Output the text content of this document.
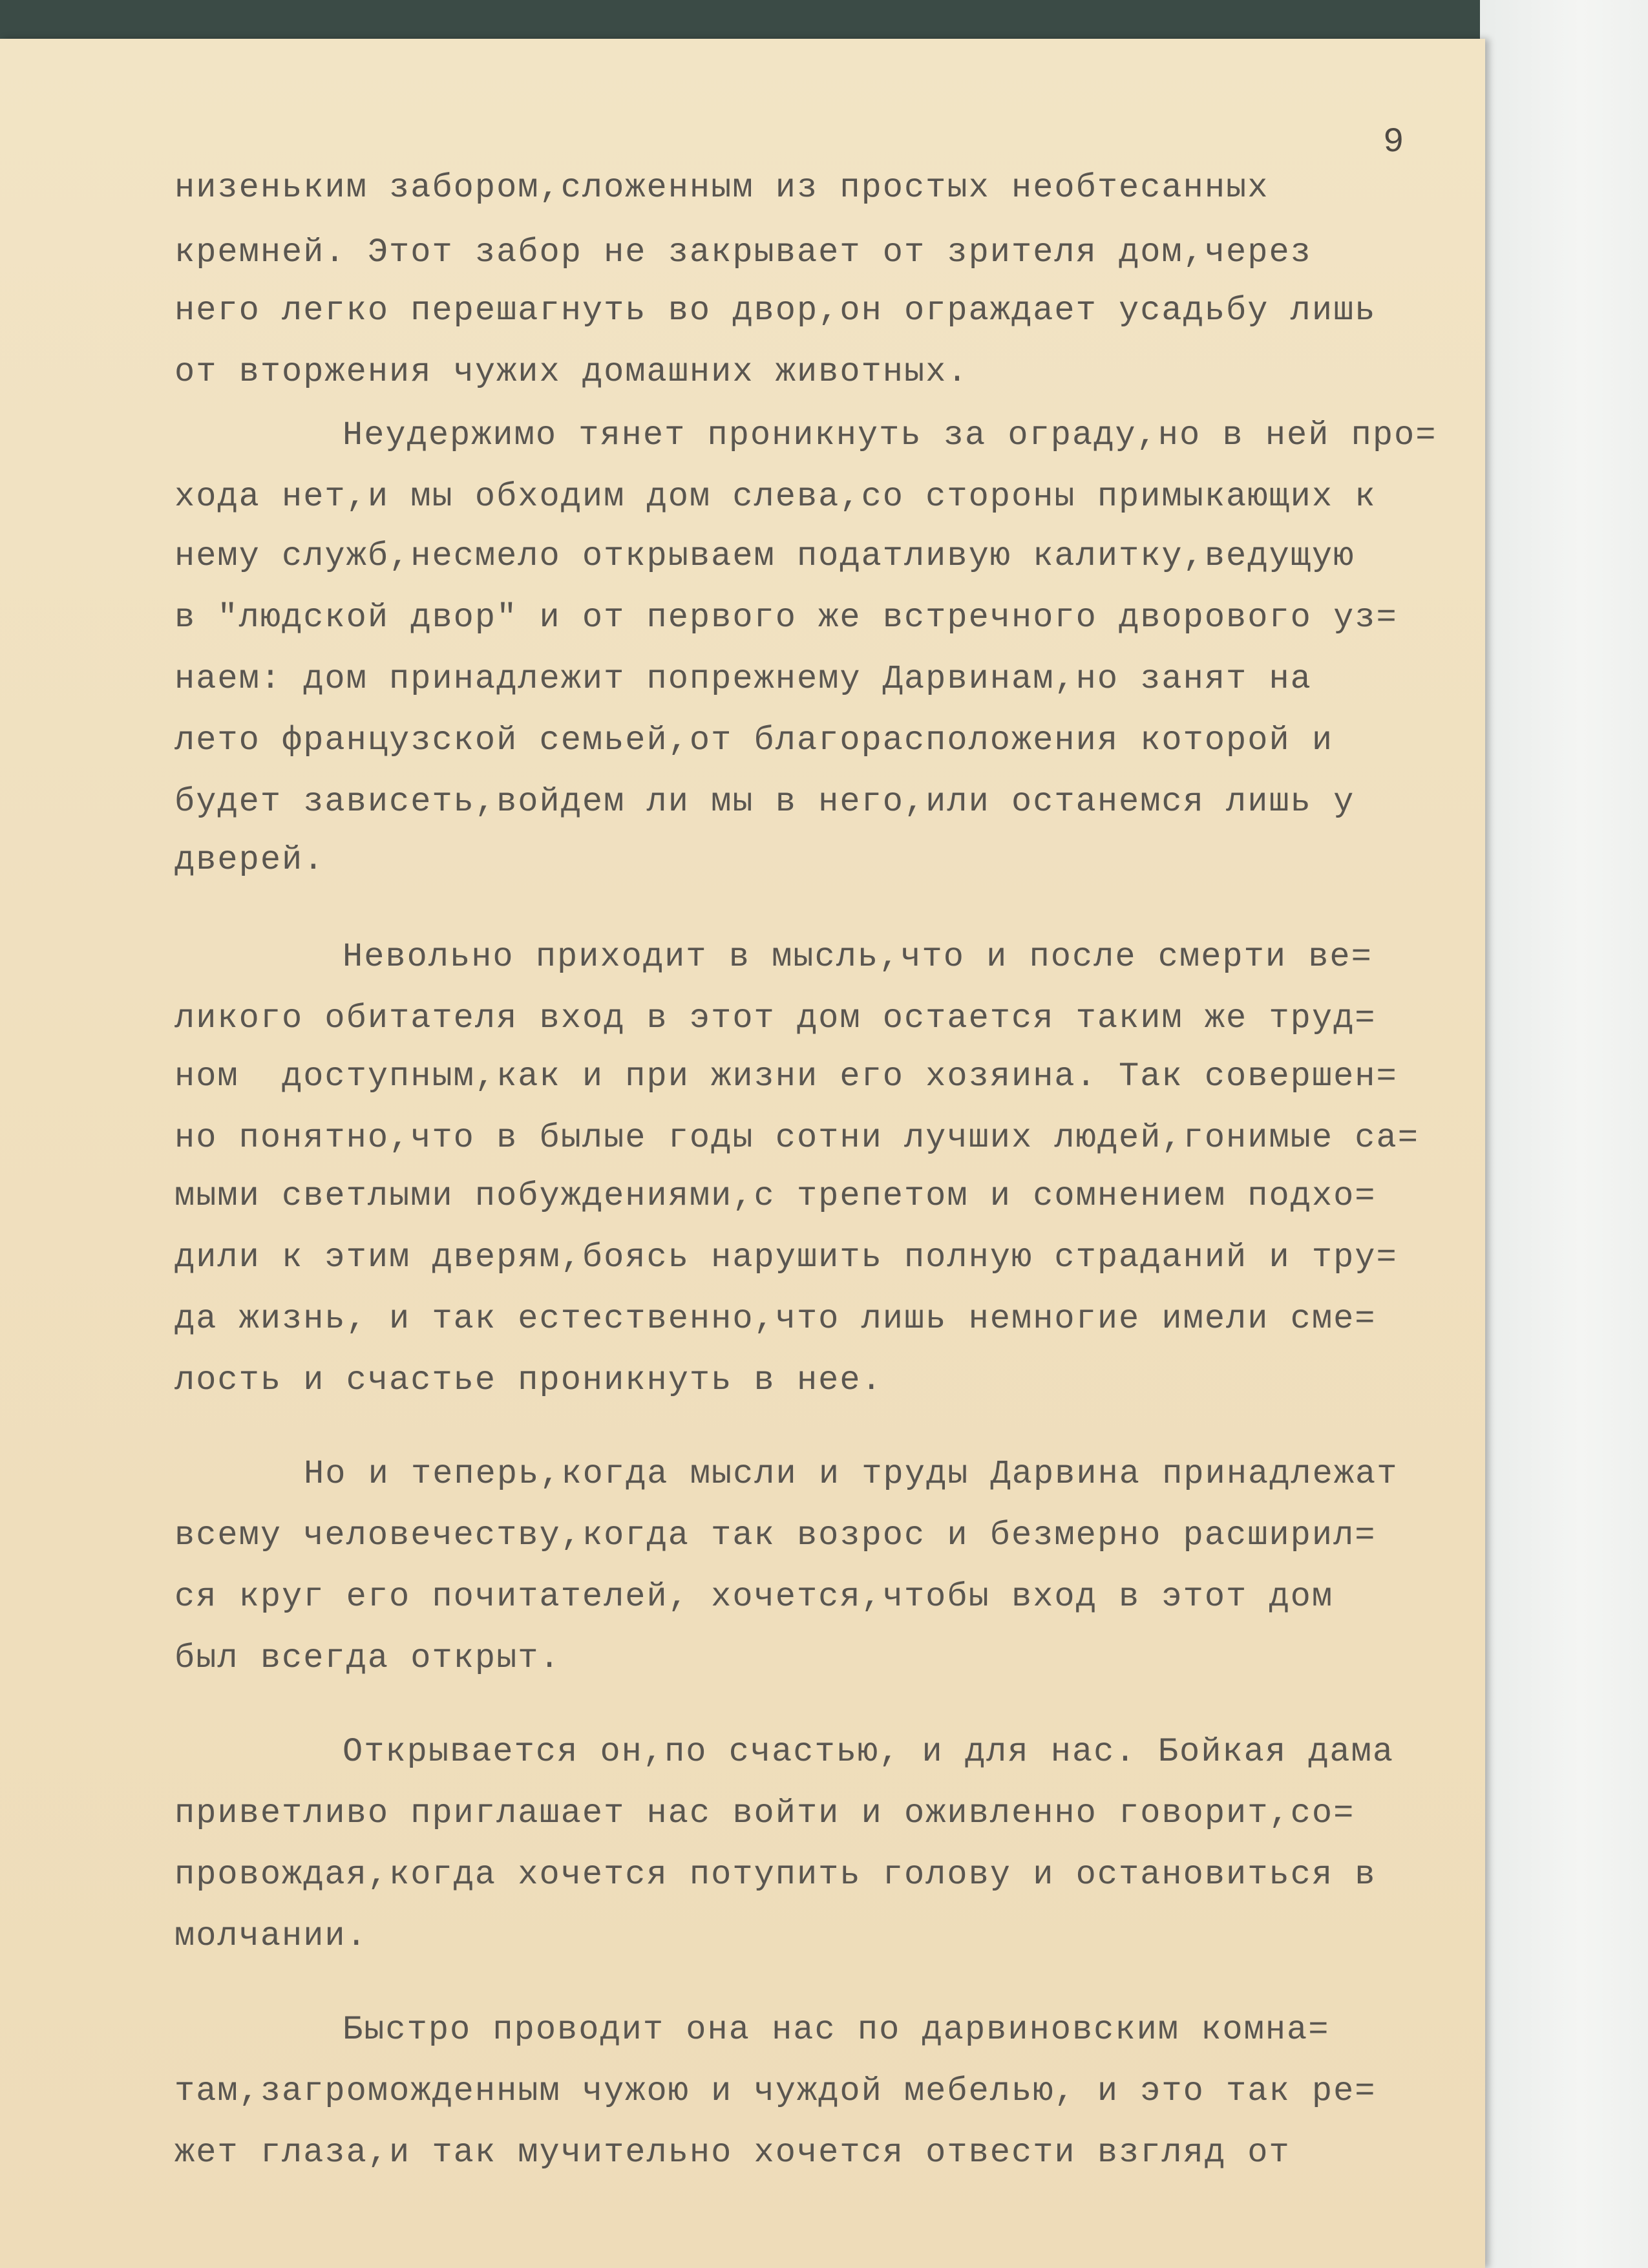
9
низеньким забором,сложенным из простых необтесанных
кремней. Этот забор не закрывает от зрителя дом,через
него легко перешагнуть во двор,он ограждает усадьбу лишь
от вторжения чужих домашних животных.
Неудержимо тянет проникнуть за ограду,но в ней про=
хода нет,и мы обходим дом слева,со стороны примыкающих к
нему служб,несмело открываем податливую калитку,ведущую
в "людской двор" и от первого же встречного дворового уз=
наем: дом принадлежит попрежнему Дарвинам,но занят на
лето французской семьей,от благорасположения которой и
будет зависеть,войдем ли мы в него,или останемся лишь у
дверей.
Невольно приходит в мысль,что и после смерти ве=
ликого обитателя вход в этот дом остается таким же труд=
ном  доступным,как и при жизни его хозяина. Так совершен=
но понятно,что в былые годы сотни лучших людей,гонимые са=
мыми светлыми побуждениями,с трепетом и сомнением подхо=
дили к этим дверям,боясь нарушить полную страданий и тру=
да жизнь, и так естественно,что лишь немногие имели сме=
лость и счастье проникнуть в нее.
Но и теперь,когда мысли и труды Дарвина принадлежат
всему человечеству,когда так возрос и безмерно расширил=
ся круг его почитателей, хочется,чтобы вход в этот дом
был всегда открыт.
Открывается он,по счастью, и для нас. Бойкая дама
приветливо приглашает нас войти и оживленно говорит,со=
провождая,когда хочется потупить голову и остановиться в
молчании.
Быстро проводит она нас по дарвиновским комна=
там,загроможденным чужою и чуждой мебелью, и это так ре=
жет глаза,и так мучительно хочется отвести взгляд от
